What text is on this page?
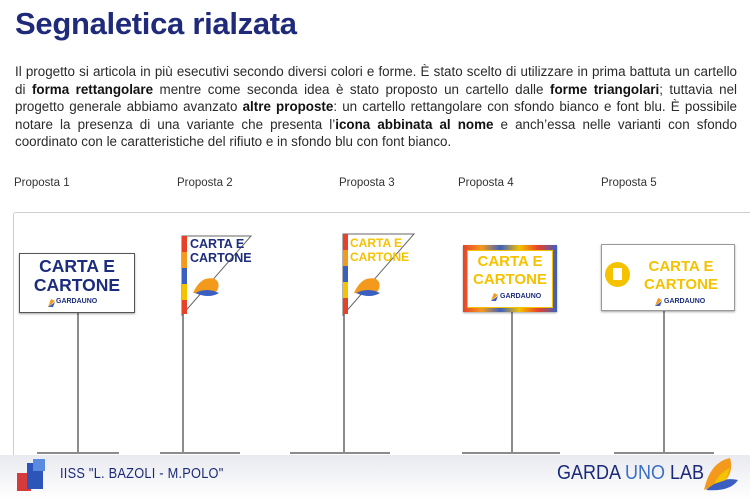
Segnaletica rialzata

Il progetto si articola in più esecutivi secondo diversi colori e forme. È stato scelto di utilizzare in prima battuta un cartello di forma rettangolare mentre come seconda idea è stato proposto un cartello dalle forme triangolari; tuttavia nel progetto generale abbiamo avanzato altre proposte: un cartello rettangolare con sfondo bianco e font blu. È possibile notare la presenza di una variante che presenta l’icona abbinata al nome e anch’essa nelle varianti con sfondo coordinato con le caratteristiche del rifiuto e in sfondo blu con font bianco.

Proposta 1	Proposta 2	Proposta 3	Proposta 4	Proposta 5
CARTA E
CARTONE
GARDAUNO
CARTA E
CARTONE
CARTA E
CARTONE	CARTA E
CARTONE
GARDAUNO
CARTA E
CARTONE
GARDAUNO
IISS "L. BAZOLI - M.POLO"	GARDA UNO LAB
